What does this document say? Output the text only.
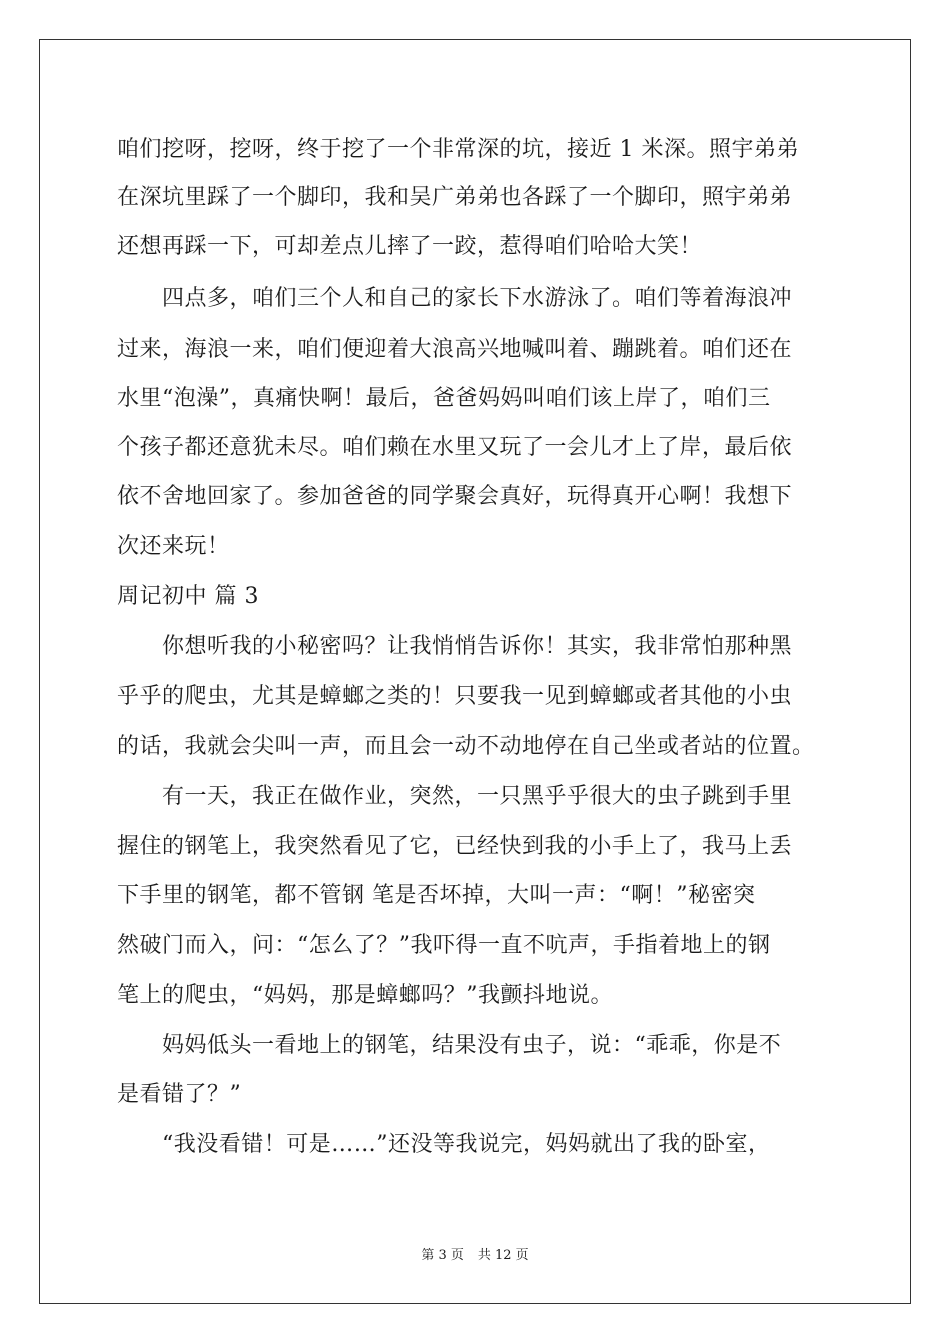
咱们挖呀，挖呀，终于挖了一个非常深的坑，接近 1 米深。照宇弟弟
在深坑里踩了一个脚印，我和吴广弟弟也各踩了一个脚印，照宇弟弟
还想再踩一下，可却差点儿摔了一跤，惹得咱们哈哈大笑！
　　四点多，咱们三个人和自己的家长下水游泳了。咱们等着海浪冲
过来，海浪一来，咱们便迎着大浪高兴地喊叫着、蹦跳着。咱们还在
水里“泡澡”，真痛快啊！最后，爸爸妈妈叫咱们该上岸了，咱们三
个孩子都还意犹未尽。咱们赖在水里又玩了一会儿才上了岸，最后依
依不舍地回家了。参加爸爸的同学聚会真好，玩得真开心啊！我想下
次还来玩！
周记初中 篇 3
　　你想听我的小秘密吗？让我悄悄告诉你！其实，我非常怕那种黑
乎乎的爬虫，尤其是蟑螂之类的！只要我一见到蟑螂或者其他的小虫
的话，我就会尖叫一声，而且会一动不动地停在自己坐或者站的位置。
　　有一天，我正在做作业，突然，一只黑乎乎很大的虫子跳到手里
握住的钢笔上，我突然看见了它，已经快到我的小手上了，我马上丢
下手里的钢笔，都不管钢 笔是否坏掉，大叫一声：“啊！”秘密突
然破门而入，问：“怎么了？”我吓得一直不吭声，手指着地上的钢
笔上的爬虫，“妈妈，那是蟑螂吗？”我颤抖地说。
　　妈妈低头一看地上的钢笔，结果没有虫子，说：“乖乖，你是不
是看错了？”
　　“我没看错！可是……”还没等我说完，妈妈就出了我的卧室，
第 3 页 共 12 页
